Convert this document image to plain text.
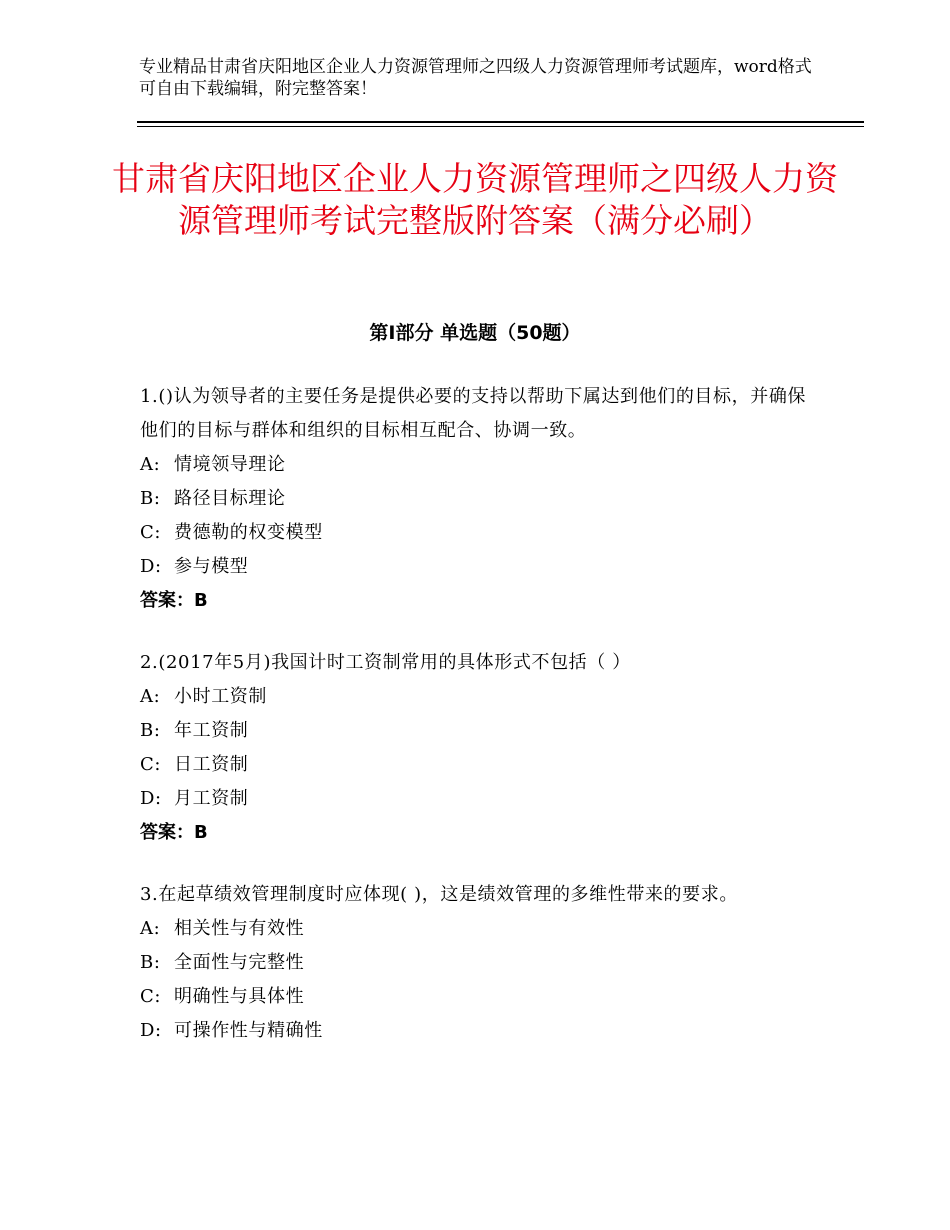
专业精品甘肃省庆阳地区企业人力资源管理师之四级人力资源管理师考试题库，word格式可自由下载编辑，附完整答案！
甘肃省庆阳地区企业人力资源管理师之四级人力资源管理师考试完整版附答案（满分必刷）
第Ⅰ部分 单选题（50题）
1.()认为领导者的主要任务是提供必要的支持以帮助下属达到他们的目标，并确保他们的目标与群体和组织的目标相互配合、协调一致。
A: 情境领导理论
B: 路径目标理论
C: 费德勒的权变模型
D: 参与模型
答案：B
2.(2017年5月)我国计时工资制常用的具体形式不包括（ ）
A: 小时工资制
B: 年工资制
C: 日工资制
D: 月工资制
答案：B
3.在起草绩效管理制度时应体现( )，这是绩效管理的多维性带来的要求。
A: 相关性与有效性
B: 全面性与完整性
C: 明确性与具体性
D: 可操作性与精确性
